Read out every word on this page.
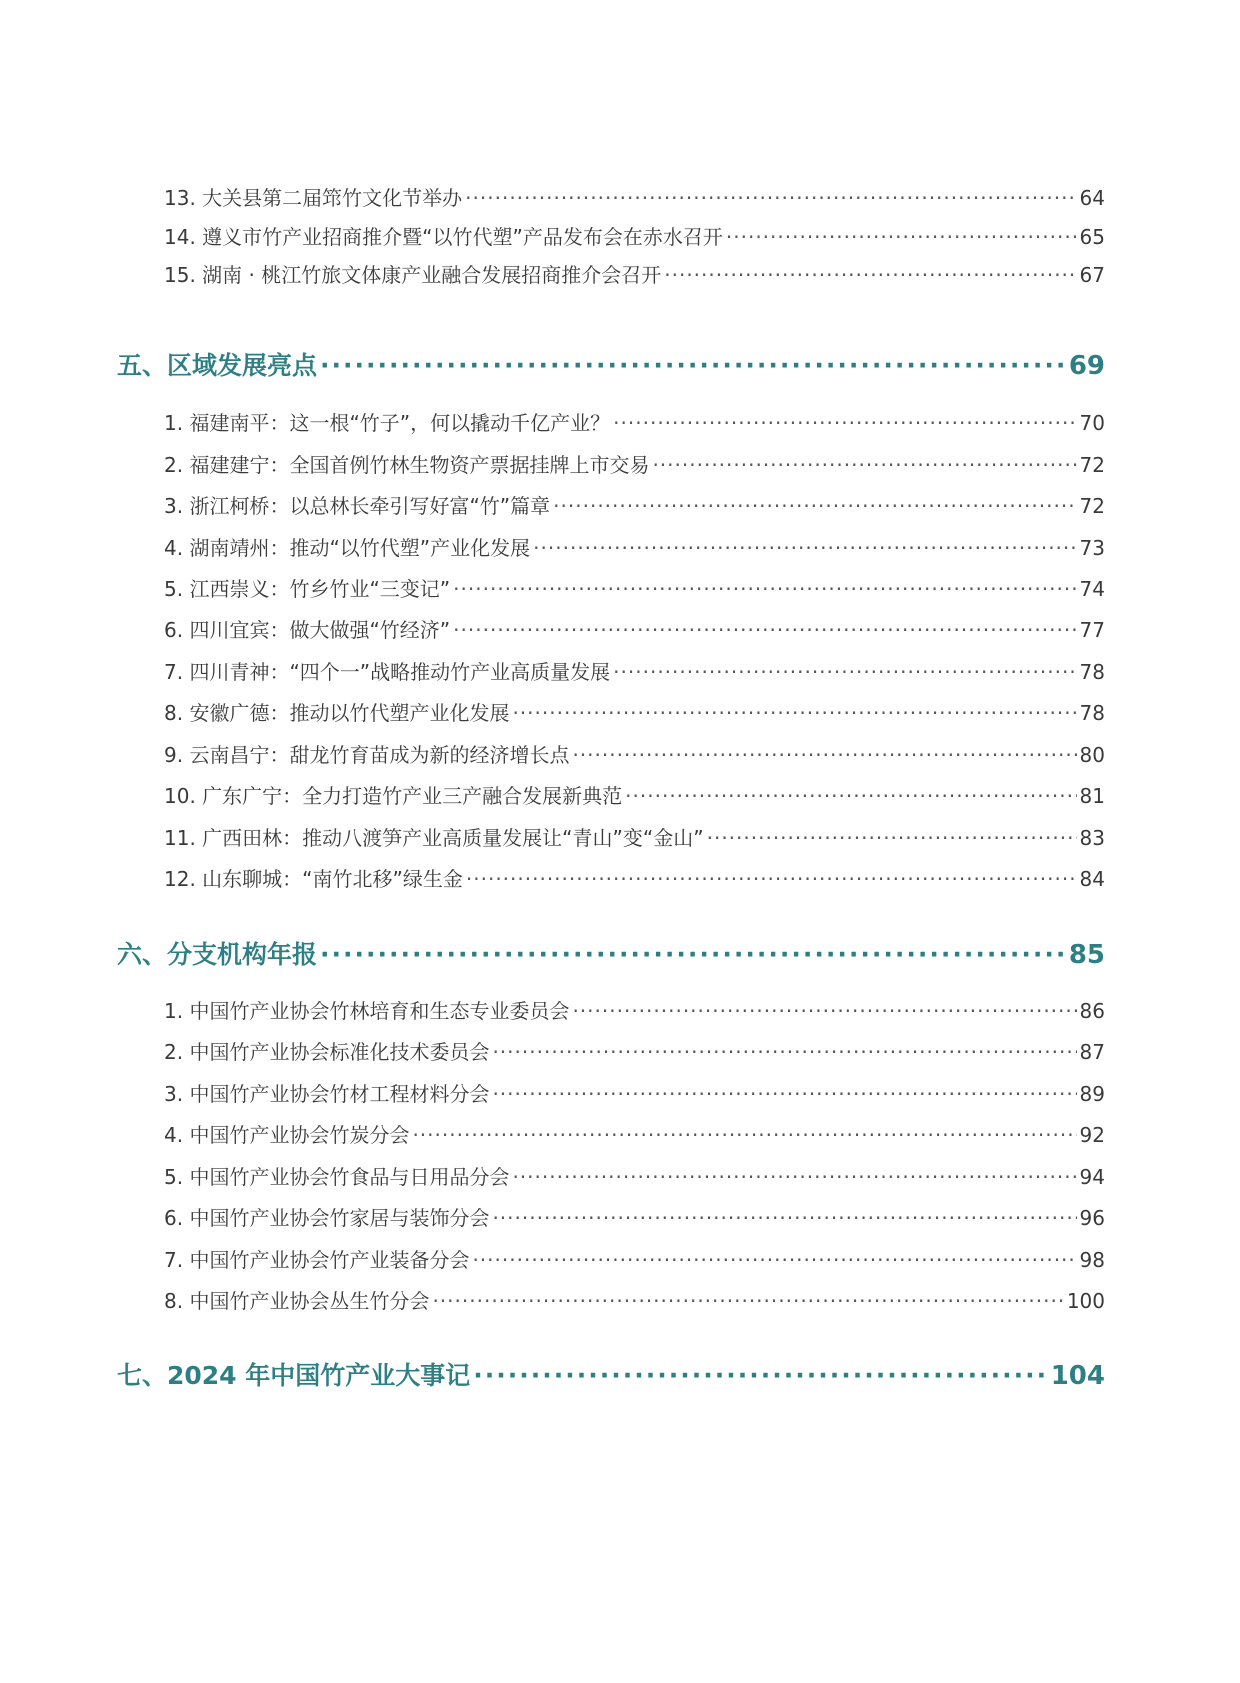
13. 大关县第二届筇竹文化节举办 ·····	64
14. 遵义市竹产业招商推介暨“以竹代塑”产品发布会在赤水召开 ·····	65
15. 湖南 · 桃江竹旅文体康产业融合发展招商推介会召开 ·····	67
五、区域发展亮点 ·····	69
1. 福建南平：这一根“竹子”，何以撬动千亿产业？ ·····	70
2. 福建建宁：全国首例竹林生物资产票据挂牌上市交易 ·····	72
3. 浙江柯桥：以总林长牵引写好富“竹”篇章 ·····	72
4. 湖南靖州：推动“以竹代塑”产业化发展 ·····	73
5. 江西崇义：竹乡竹业“三变记” ·····	74
6. 四川宜宾：做大做强“竹经济” ·····	77
7. 四川青神：“四个一”战略推动竹产业高质量发展 ·····	78
8. 安徽广德：推动以竹代塑产业化发展 ·····	78
9. 云南昌宁：甜龙竹育苗成为新的经济增长点 ·····	80
10. 广东广宁：全力打造竹产业三产融合发展新典范 ·····	81
11. 广西田林：推动八渡笋产业高质量发展让“青山”变“金山” ·····	83
12. 山东聊城：“南竹北移”绿生金 ·····	84
六、分支机构年报 ·····	85
1. 中国竹产业协会竹林培育和生态专业委员会 ·····	86
2. 中国竹产业协会标准化技术委员会 ·····	87
3. 中国竹产业协会竹材工程材料分会 ·····	89
4. 中国竹产业协会竹炭分会 ·····	92
5. 中国竹产业协会竹食品与日用品分会 ·····	94
6. 中国竹产业协会竹家居与装饰分会 ·····	96
7. 中国竹产业协会竹产业装备分会 ·····	98
8. 中国竹产业协会丛生竹分会 ·····	100
七、2024 年中国竹产业大事记 ·····	104
